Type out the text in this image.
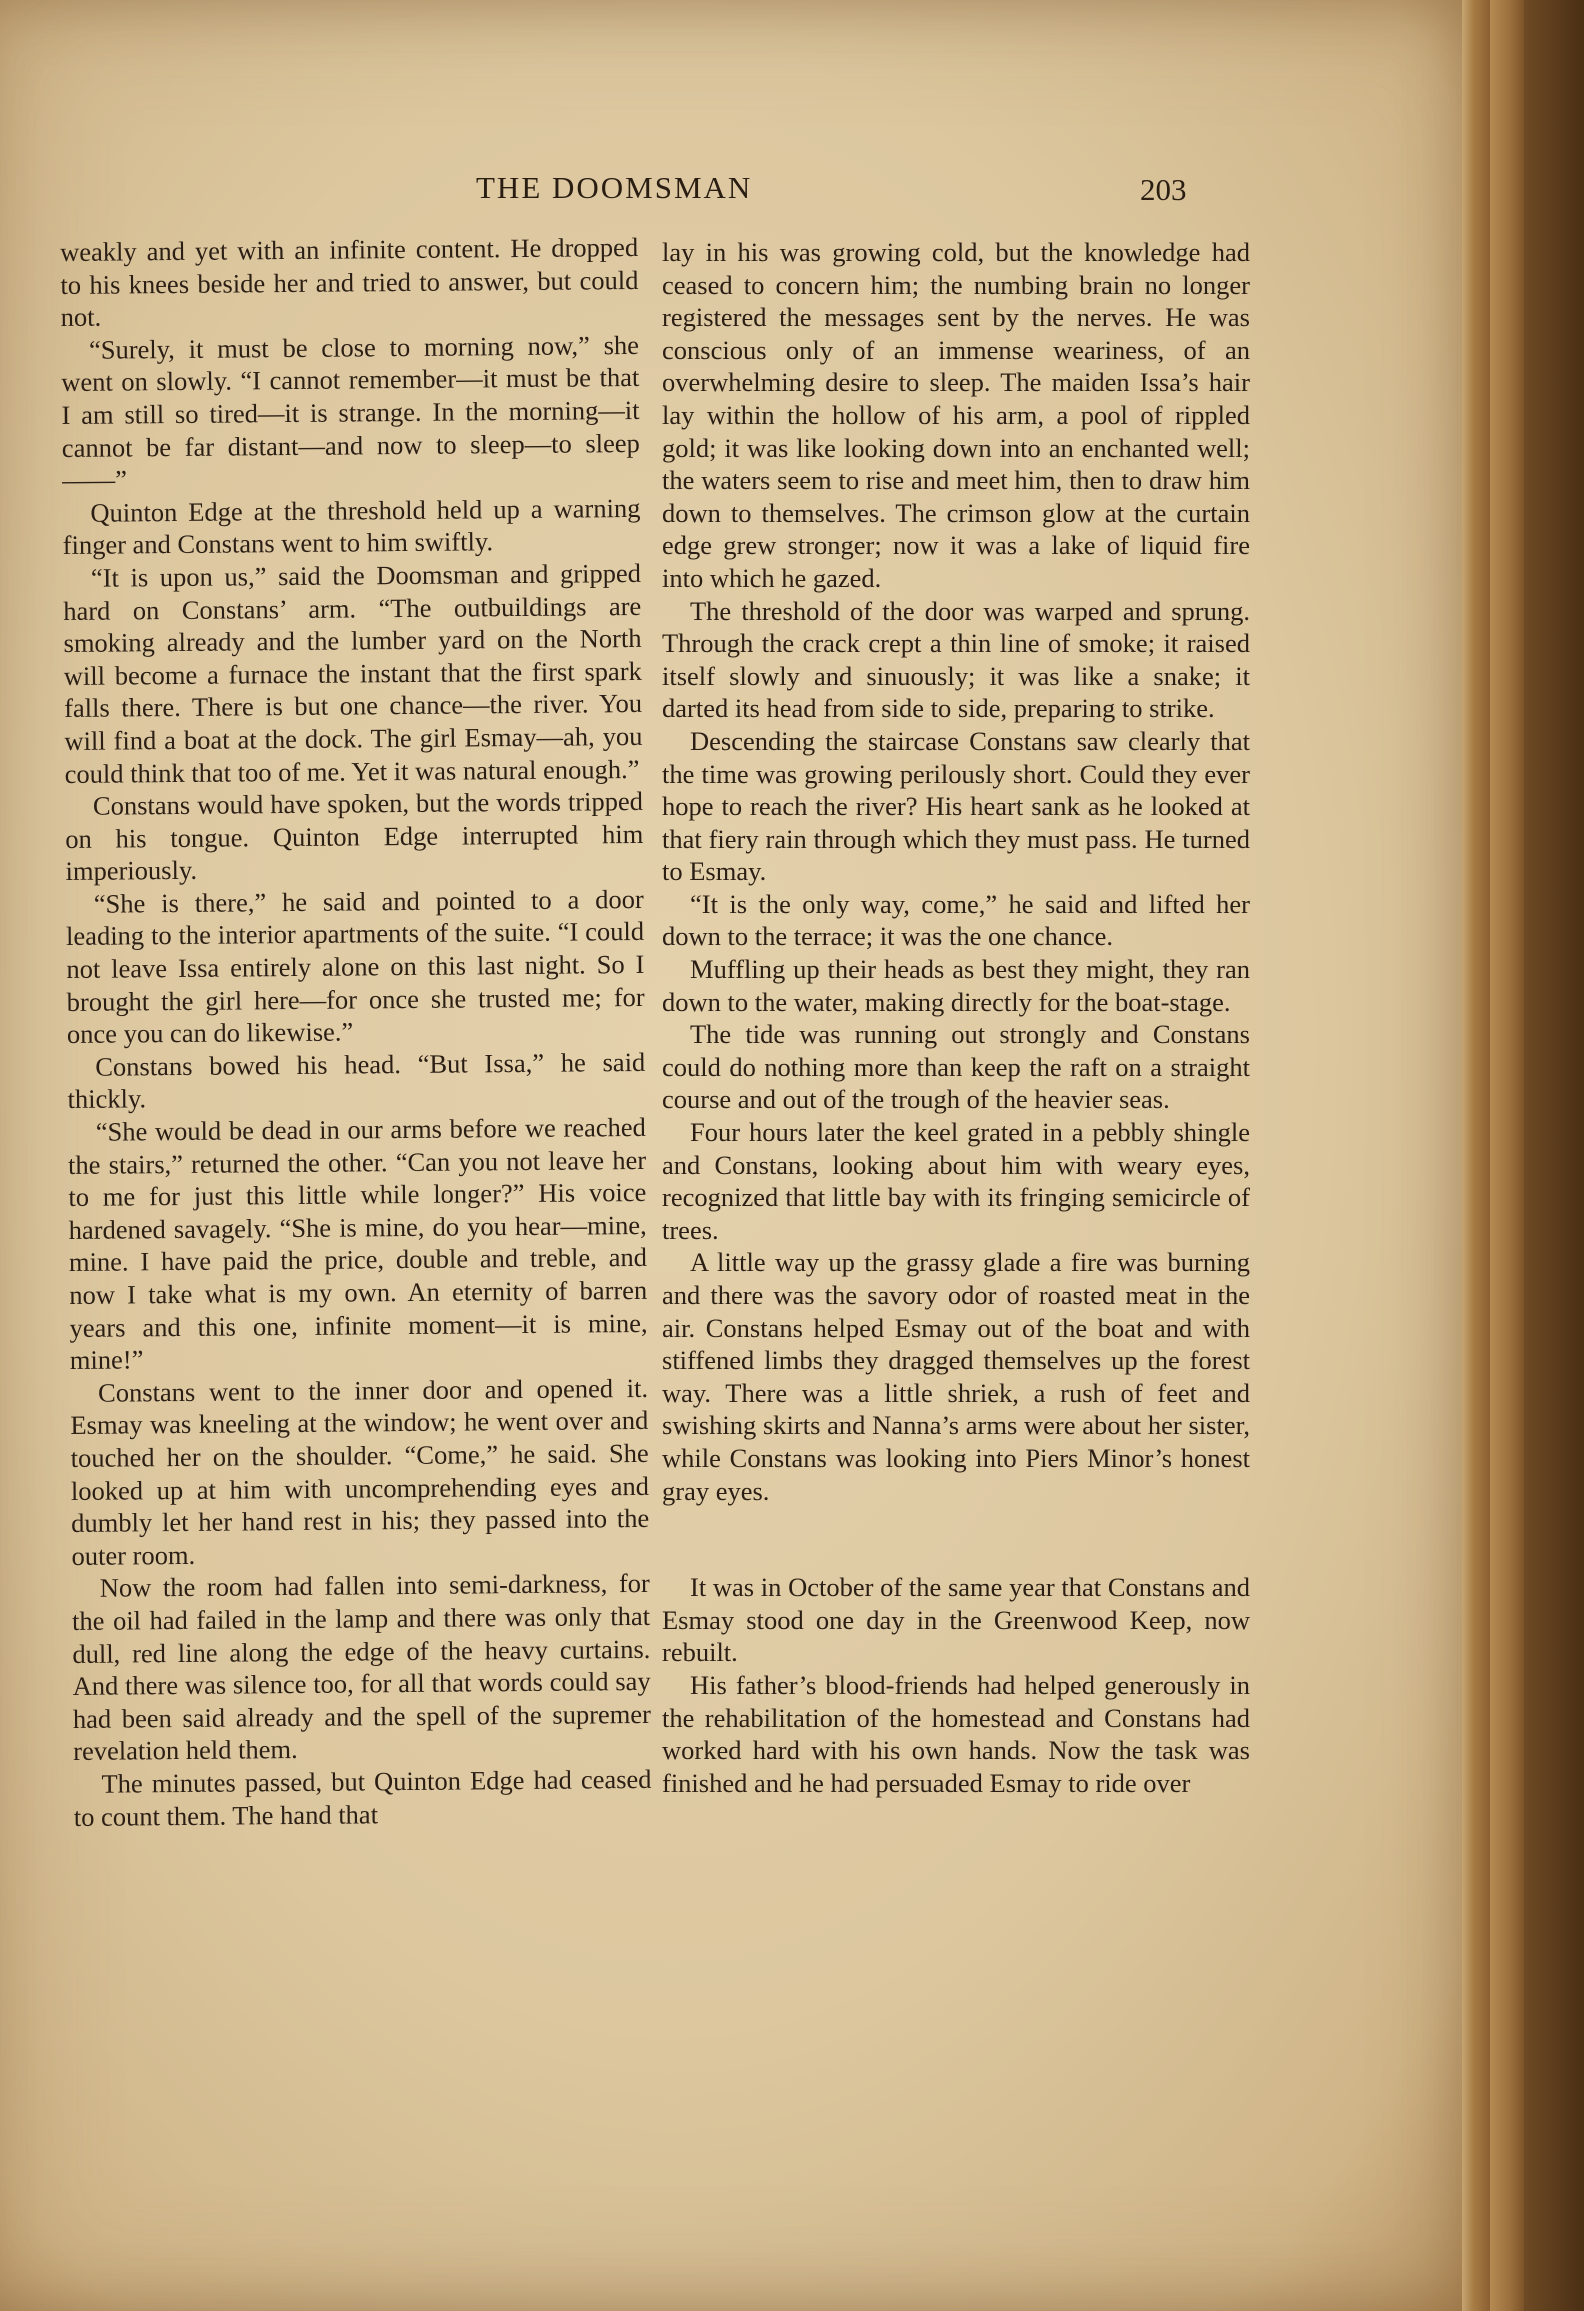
THE DOOMSMAN	203

weakly and yet with an infinite content. He dropped to his knees beside her and tried to answer, but could not.

“Surely, it must be close to morning now,” she went on slowly. “I cannot remember—it must be that I am still so tired—it is strange. In the morning—it cannot be far distant—and now to sleep—to sleep——”

Quinton Edge at the threshold held up a warning finger and Constans went to him swiftly.

“It is upon us,” said the Doomsman and gripped hard on Constans’ arm. “The outbuildings are smoking already and the lumber yard on the North will become a furnace the instant that the first spark falls there. There is but one chance—the river. You will find a boat at the dock. The girl Esmay—ah, you could think that too of me. Yet it was natural enough.”

Constans would have spoken, but the words tripped on his tongue. Quinton Edge interrupted him imperiously.

“She is there,” he said and pointed to a door leading to the interior apartments of the suite. “I could not leave Issa entirely alone on this last night. So I brought the girl here—for once she trusted me; for once you can do likewise.”

Constans bowed his head. “But Issa,” he said thickly.

“She would be dead in our arms before we reached the stairs,” returned the other. “Can you not leave her to me for just this little while longer?” His voice hardened savagely. “She is mine, do you hear—mine, mine. I have paid the price, double and treble, and now I take what is my own. An eternity of barren years and this one, infinite moment—it is mine, mine!”

Constans went to the inner door and opened it. Esmay was kneeling at the window; he went over and touched her on the shoulder. “Come,” he said. She looked up at him with uncomprehending eyes and dumbly let her hand rest in his; they passed into the outer room.

Now the room had fallen into semi-darkness, for the oil had failed in the lamp and there was only that dull, red line along the edge of the heavy curtains. And there was silence too, for all that words could say had been said already and the spell of the supremer revelation held them.

The minutes passed, but Quinton Edge had ceased to count them. The hand that

lay in his was growing cold, but the knowledge had ceased to concern him; the numbing brain no longer registered the messages sent by the nerves. He was conscious only of an immense weariness, of an overwhelming desire to sleep. The maiden Issa’s hair lay within the hollow of his arm, a pool of rippled gold; it was like looking down into an enchanted well; the waters seem to rise and meet him, then to draw him down to themselves. The crimson glow at the curtain edge grew stronger; now it was a lake of liquid fire into which he gazed.

The threshold of the door was warped and sprung. Through the crack crept a thin line of smoke; it raised itself slowly and sinuously; it was like a snake; it darted its head from side to side, preparing to strike.

Descending the staircase Constans saw clearly that the time was growing perilously short. Could they ever hope to reach the river? His heart sank as he looked at that fiery rain through which they must pass. He turned to Esmay.

“It is the only way, come,” he said and lifted her down to the terrace; it was the one chance.

Muffling up their heads as best they might, they ran down to the water, making directly for the boat-stage.

The tide was running out strongly and Constans could do nothing more than keep the raft on a straight course and out of the trough of the heavier seas.

Four hours later the keel grated in a pebbly shingle and Constans, looking about him with weary eyes, recognized that little bay with its fringing semicircle of trees.

A little way up the grassy glade a fire was burning and there was the savory odor of roasted meat in the air. Constans helped Esmay out of the boat and with stiffened limbs they dragged themselves up the forest way. There was a little shriek, a rush of feet and swishing skirts and Nanna’s arms were about her sister, while Constans was looking into Piers Minor’s honest gray eyes.

It was in October of the same year that Constans and Esmay stood one day in the Greenwood Keep, now rebuilt.

His father’s blood-friends had helped generously in the rehabilitation of the homestead and Constans had worked hard with his own hands. Now the task was finished and he had persuaded Esmay to ride over
